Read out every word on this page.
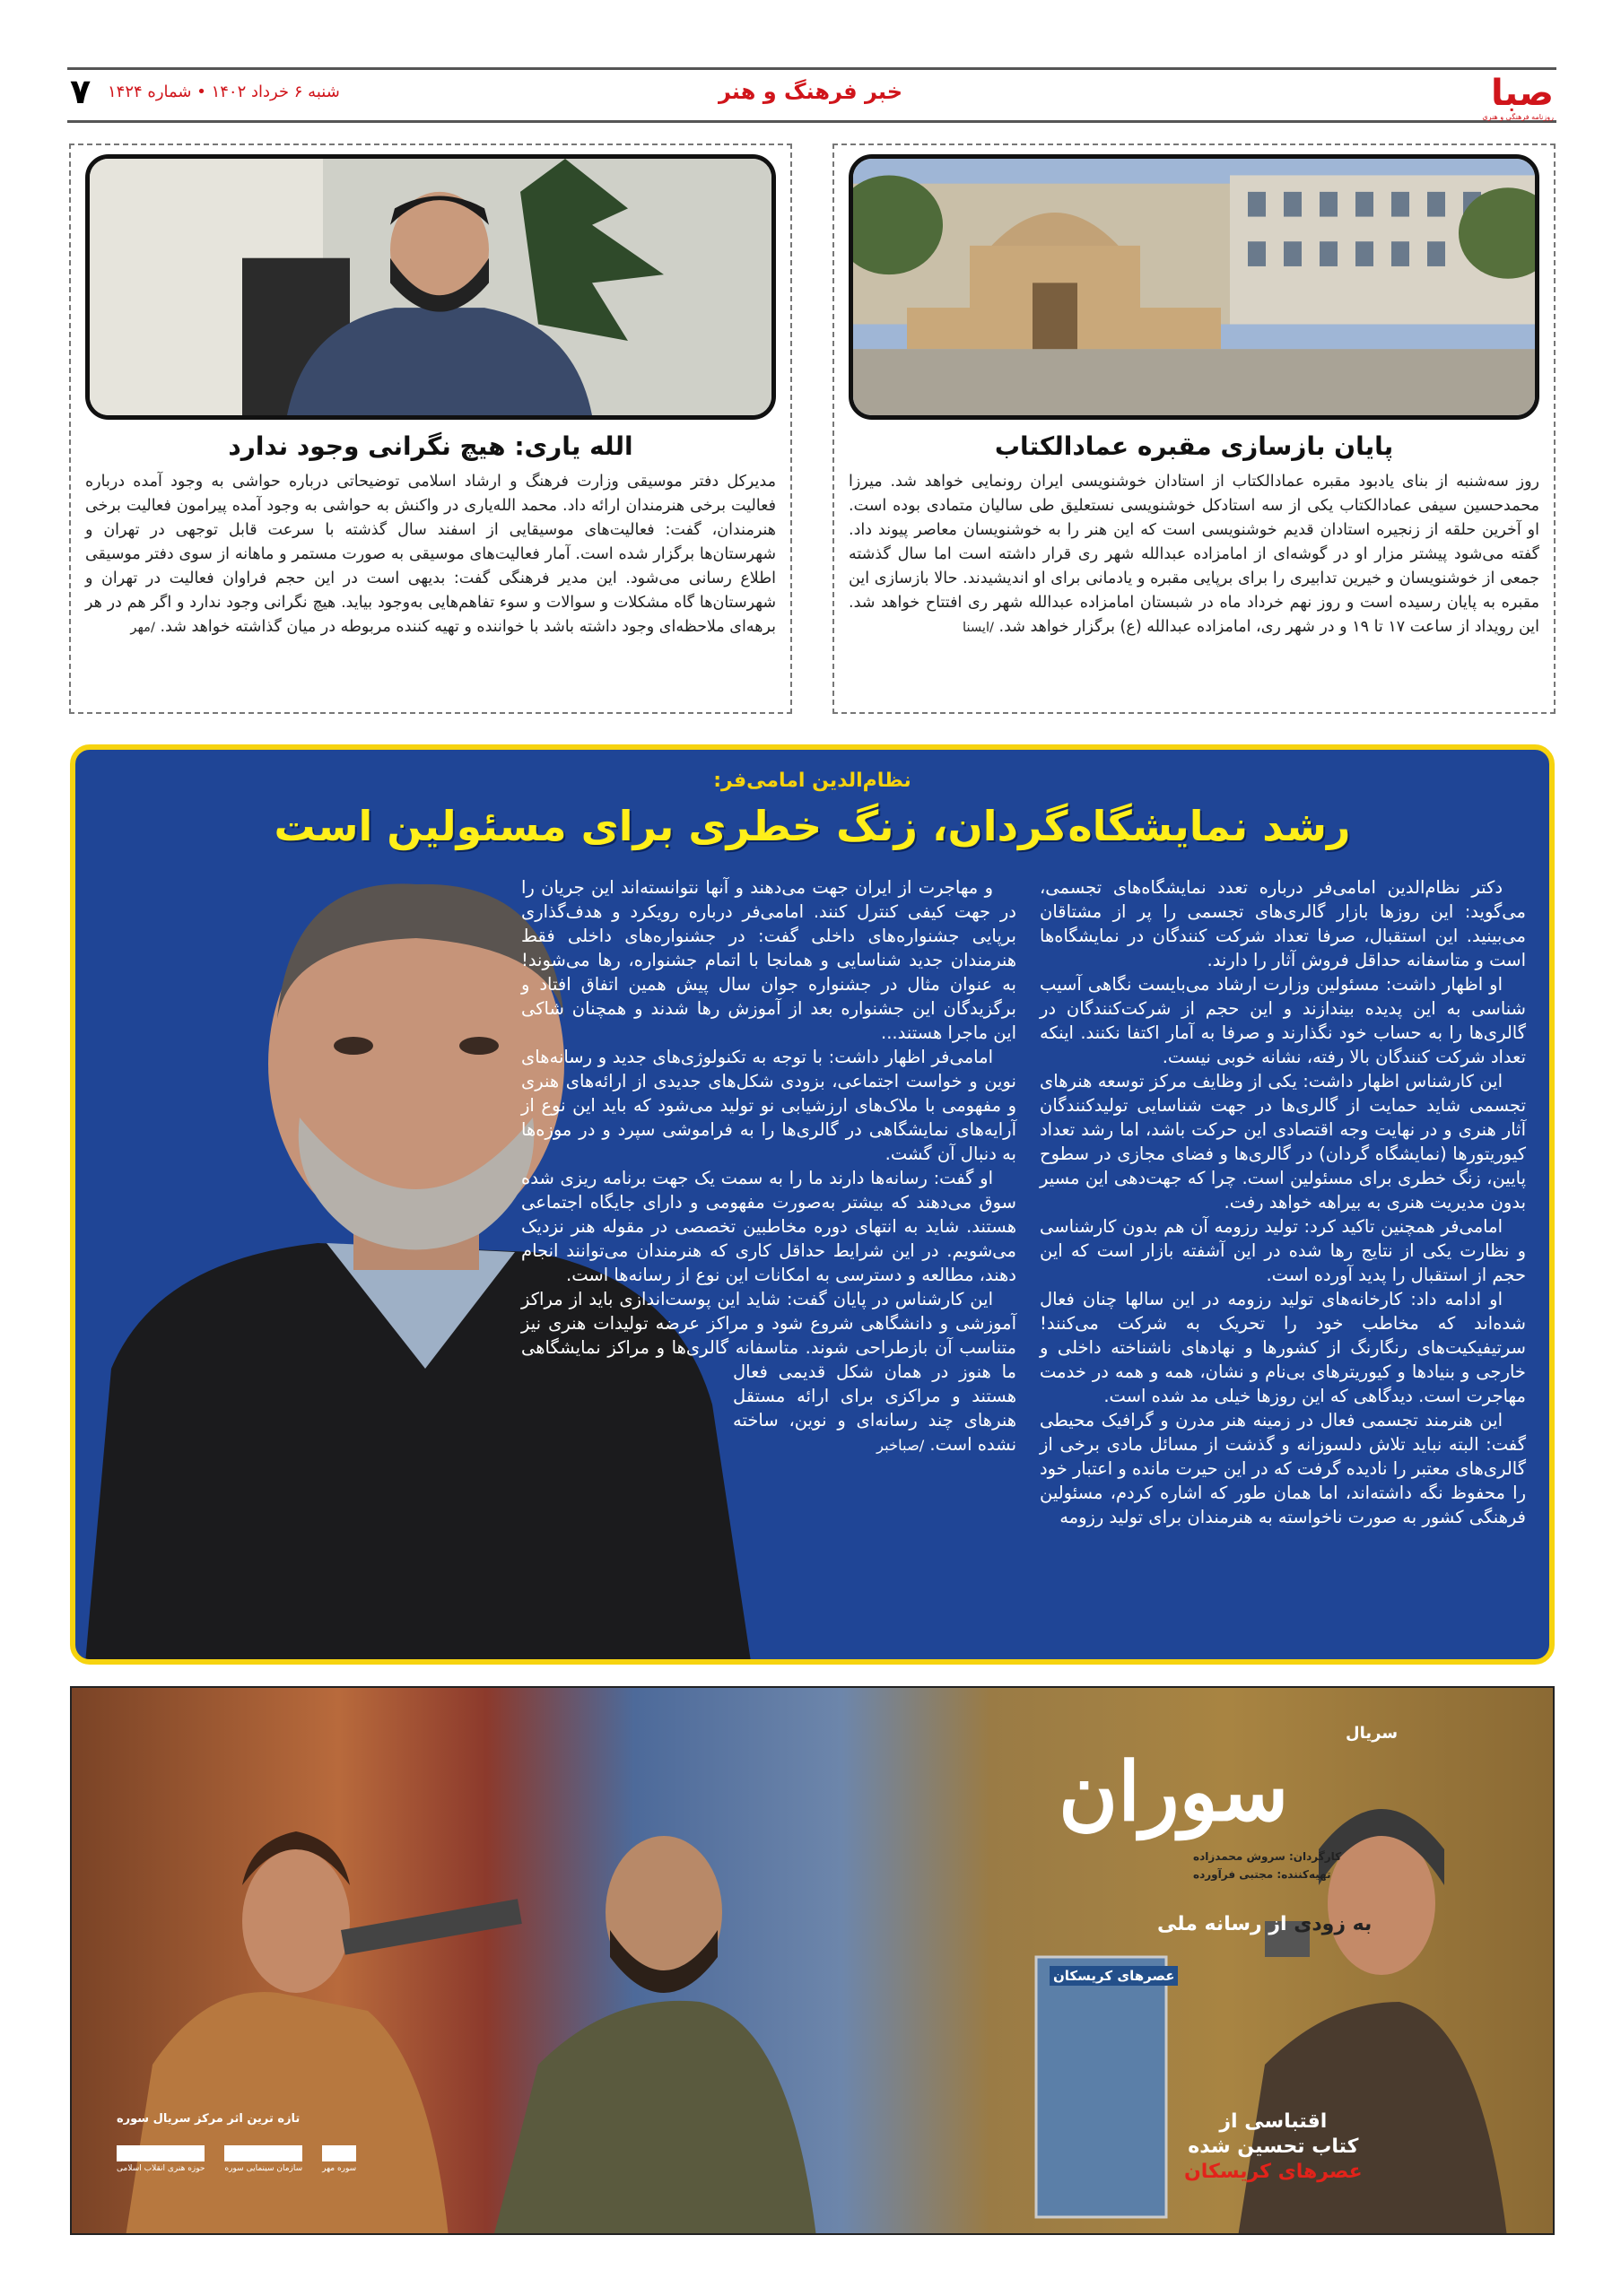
صبا
روزنامه فرهنگی و هنری
خبر فرهنگ و هنر
شنبه ۶ خرداد ۱۴۰۲ • شماره ۱۴۲۴
۷
پایان بازسازی مقبره عمادالکتاب

روز سه‌شنبه از بنای یادبود مقبره عمادالکتاب از استادان خوشنویسی ایران رونمایی خواهد شد. میرزا محمدحسین سیفی عمادالکتاب یکی از سه استادکل خوشنویسی نستعلیق طی سالیان متمادی بوده است. او آخرین حلقه از زنجیره استادان قدیم خوشنویسی است که این هنر را به خوشنویسان معاصر پیوند داد. گفته می‌شود پیشتر مزار او در گوشه‌ای از امامزاده عبدالله شهر ری قرار داشته است اما سال گذشته جمعی از خوشنویسان و خیرین تدابیری را برای برپایی مقبره و یادمانی برای او اندیشیدند. حالا بازسازی این مقبره به پایان رسیده است و روز نهم خرداد ماه در شبستان امامزاده عبدالله شهر ری افتتاح خواهد شد. این رویداد از ساعت ۱۷ تا ۱۹ و در شهر ری، امامزاده عبدالله (ع) برگزار خواهد شد. /ایسنا

الله یاری: هیچ نگرانی وجود ندارد

مدیرکل دفتر موسیقی وزارت فرهنگ و ارشاد اسلامی توضیحاتی درباره حواشی به وجود آمده درباره فعالیت برخی هنرمندان ارائه داد. محمد الله‌یاری در واکنش به حواشی به وجود آمده پیرامون فعالیت برخی هنرمندان، گفت: فعالیت‌های موسیقایی از اسفند سال گذشته با سرعت قابل توجهی در تهران و شهرستان‌ها برگزار شده است. آمار فعالیت‌های موسیقی به صورت مستمر و ماهانه از سوی دفتر موسیقی اطلاع رسانی می‌شود. این مدیر فرهنگی گفت: بدیهی است در این حجم فراوان فعالیت در تهران و شهرستان‌ها گاه مشکلات و سوالات و سوء تفاهم‌هایی به‌وجود بیاید. هیچ نگرانی وجود ندارد و اگر هم در هر برهه‌ای ملاحظه‌ای وجود داشته باشد با خواننده و تهیه کننده مربوطه در میان گذاشته خواهد شد. /مهر

نظام‌الدین امامی‌فر:
رشد نمایشگاه‌گردان، زنگ خطری برای مسئولین است

دکتر نظام‌الدین امامی‌فر درباره تعدد نمایشگاه‌های تجسمی، می‌گوید: این روزها بازار گالری‌های تجسمی را پر از مشتاقان می‌بینید. این استقبال، صرفا تعداد شرکت کنندگان در نمایشگاه‌ها است و متاسفانه حداقل فروش آثار را دارند.

او اظهار داشت: مسئولین وزارت ارشاد می‌بایست نگاهی آسیب شناسی به این پدیده بیندازند و این حجم از شرکت‌کنندگان در گالری‌ها را به حساب خود نگذارند و صرفا به آمار اکتفا نکنند. اینکه تعداد شرکت کنندگان بالا رفته، نشانه خوبی نیست.

این کارشناس اظهار داشت: یکی از وظایف مرکز توسعه هنرهای تجسمی شاید حمایت از گالری‌ها در جهت شناسایی تولیدکنندگان آثار هنری و در نهایت وجه اقتصادی این حرکت باشد، اما رشد تعداد کیوریتورها (نمایشگاه گردان) در گالری‌ها و فضای مجازی در سطوح پایین، زنگ خطری برای مسئولین است. چرا که جهت‌دهی این مسیر بدون مدیریت هنری به بیراهه خواهد رفت.

امامی‌فر همچنین تاکید کرد: تولید رزومه آن هم بدون کارشناسی و نظارت یکی از نتایج رها شده در این آشفته بازار است که این حجم از استقبال را پدید آورده است.

او ادامه داد: کارخانه‌های تولید رزومه در این سالها چنان فعال شده‌اند که مخاطب خود را تحریک به شرکت می‌کنند! سرتیفیکیت‌های رنگارنگ از کشورها و نهادهای ناشناخته داخلی و خارجی و بنیادها و کیوریترهای بی‌نام و نشان، همه و همه در خدمت مهاجرت است. دیدگاهی که این روزها خیلی مد شده است.

این هنرمند تجسمی فعال در زمینه هنر مدرن و گرافیک محیطی گفت: البته نباید تلاش دلسوزانه و گذشت از مسائل مادی برخی از گالری‌های معتبر را نادیده گرفت که در این حیرت مانده و اعتبار خود را محفوظ نگه داشته‌اند، اما همان طور که اشاره کردم، مسئولین فرهنگی کشور به صورت ناخواسته به هنرمندان برای تولید رزومه

و مهاجرت از ایران جهت می‌دهند و آنها نتوانسته‌اند این جریان را در جهت کیفی کنترل کنند. امامی‌فر درباره رویکرد و هدف‌گذاری برپایی جشنواره‌های داخلی گفت: در جشنواره‌های داخلی فقط هنرمندان جدید شناسایی و همانجا با اتمام جشنواره، رها می‌شوند! به عنوان مثال در جشنواره جوان سال پیش همین اتفاق افتاد و برگزیدگان این جشنواره بعد از آموزش رها شدند و همچنان شاکی این ماجرا هستند...

امامی‌فر اظهار داشت: با توجه به تکنولوژی‌های جدید و رسانه‌های نوین و خواست اجتماعی، بزودی شکل‌های جدیدی از ارائه‌های هنری و مفهومی با ملاک‌های ارزشیابی نو تولید می‌شود که باید این نوع از آرایه‌های نمایشگاهی در گالری‌ها را به فراموشی سپرد و در موزه‌ها به دنبال آن گشت.

او گفت: رسانه‌ها دارند ما را به سمت یک جهت برنامه ریزی شده سوق می‌دهند که بیشتر به‌صورت مفهومی و دارای جایگاه اجتماعی هستند. شاید به انتهای دوره مخاطبین تخصصی در مقوله هنر نزدیک می‌شویم. در این شرایط حداقل کاری که هنرمندان می‌توانند انجام دهند، مطالعه و دسترسی به امکانات این نوع از رسانه‌ها است.

این کارشناس در پایان گفت: شاید این پوست‌اندازی باید از مراکز آموزشی و دانشگاهی شروع شود و مراکز عرضه تولیدات هنری نیز متناسب آن بازطراحی شوند. متاسفانه گالری‌ها و مراکز نمایشگاهی ما هنوز در همان شکل قدیمی فعال هستند و مراکزی برای ارائه مستقل هنرهای چند رسانه‌ای و نوین، ساخته نشده است. /صباخبر

عصرهای کریسکان
سریال
سوران
کارگردان: سروش محمدزاده
تهیه‌کننده: مجتبی فرآورده
به زودی از رسانه ملی
اقتباسی از
کتاب تحسین شده
عصرهای کریسکان
تازه ترین اثر مرکز سریال سوره
سوره مهر
سازمان سینمایی سوره
حوزه هنری انقلاب اسلامی
